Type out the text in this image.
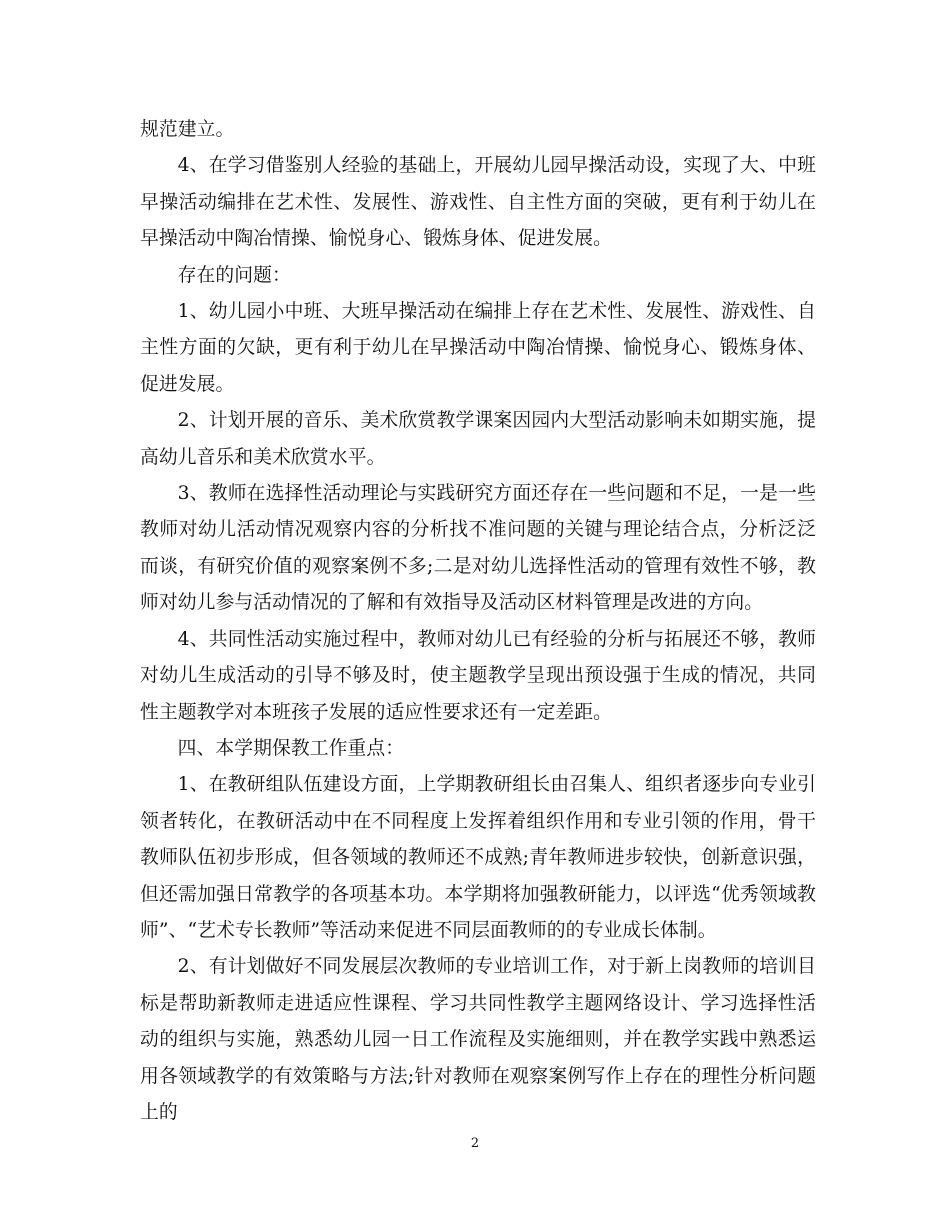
规范建立。

4、在学习借鉴别人经验的基础上，开展幼儿园早操活动设，实现了大、中班早操活动编排在艺术性、发展性、游戏性、自主性方面的突破，更有利于幼儿在早操活动中陶冶情操、愉悦身心、锻炼身体、促进发展。

存在的问题：

1、幼儿园小中班、大班早操活动在编排上存在艺术性、发展性、游戏性、自主性方面的欠缺，更有利于幼儿在早操活动中陶冶情操、愉悦身心、锻炼身体、促进发展。

2、计划开展的音乐、美术欣赏教学课案因园内大型活动影响未如期实施，提高幼儿音乐和美术欣赏水平。

3、教师在选择性活动理论与实践研究方面还存在一些问题和不足，一是一些教师对幼儿活动情况观察内容的分析找不准问题的关键与理论结合点，分析泛泛而谈，有研究价值的观察案例不多;二是对幼儿选择性活动的管理有效性不够，教师对幼儿参与活动情况的了解和有效指导及活动区材料管理是改进的方向。

4、共同性活动实施过程中，教师对幼儿已有经验的分析与拓展还不够，教师对幼儿生成活动的引导不够及时，使主题教学呈现出预设强于生成的情况，共同性主题教学对本班孩子发展的适应性要求还有一定差距。

四、本学期保教工作重点：

1、在教研组队伍建设方面，上学期教研组长由召集人、组织者逐步向专业引领者转化，在教研活动中在不同程度上发挥着组织作用和专业引领的作用，骨干教师队伍初步形成，但各领域的教师还不成熟;青年教师进步较快，创新意识强，但还需加强日常教学的各项基本功。本学期将加强教研能力，以评选“优秀领域教师”、“艺术专长教师”等活动来促进不同层面教师的的专业成长体制。

2、有计划做好不同发展层次教师的专业培训工作，对于新上岗教师的培训目标是帮助新教师走进适应性课程、学习共同性教学主题网络设计、学习选择性活动的组织与实施，熟悉幼儿园一日工作流程及实施细则，并在教学实践中熟悉运用各领域教学的有效策略与方法;针对教师在观察案例写作上存在的理性分析问题上的

2
